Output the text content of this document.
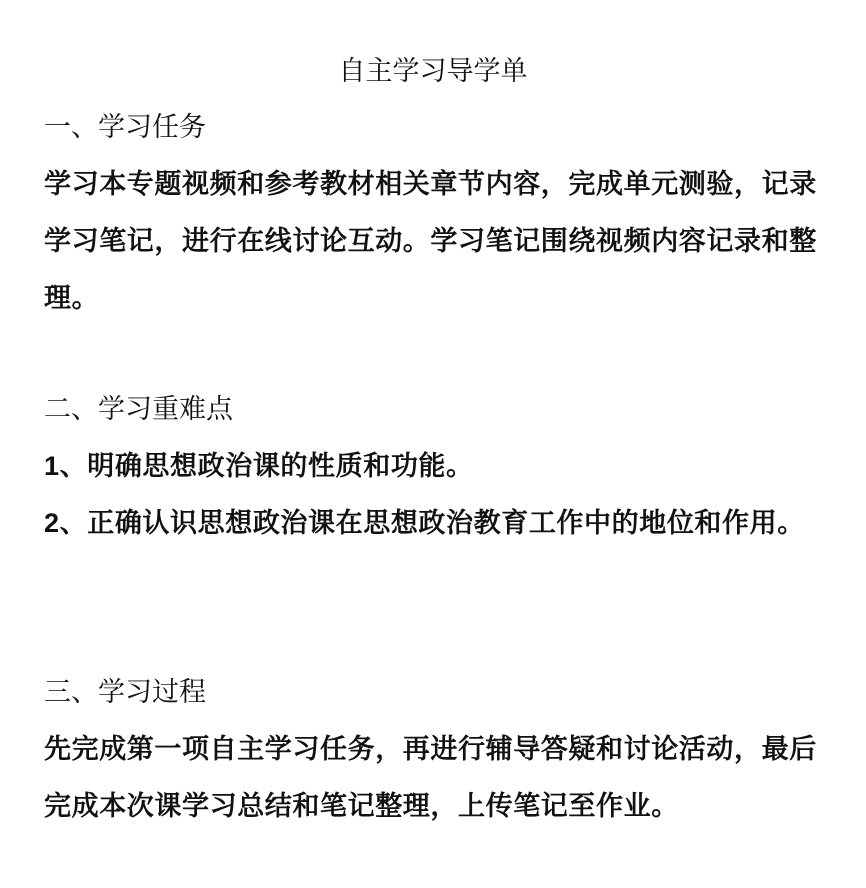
自主学习导学单
一、学习任务

学习本专题视频和参考教材相关章节内容，完成单元测验，记录学习笔记，进行在线讨论互动。学习笔记围绕视频内容记录和整理。

二、学习重难点

1、明确思想政治课的性质和功能。

2、正确认识思想政治课在思想政治教育工作中的地位和作用。

三、学习过程

先完成第一项自主学习任务，再进行辅导答疑和讨论活动，最后完成本次课学习总结和笔记整理，上传笔记至作业。
